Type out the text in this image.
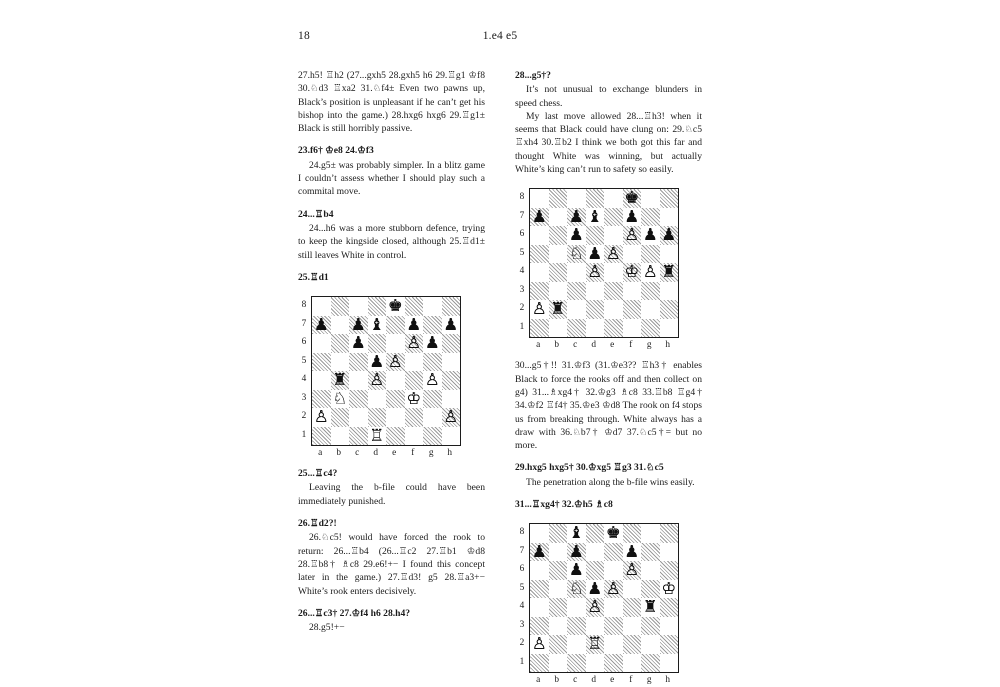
18	1.e4 e5

27.h5! ♖h2 (27...gxh5 28.gxh5 h6 29.♖g1 ♔f8 30.♘d3 ♖xa2 31.♘f4± Even two pawns up, Black’s position is unpleasant if he can’t get his bishop into the game.) 28.hxg6 hxg6 29.♖g1± Black is still horribly passive.

23.f6† ♔e8 24.♔f3

24.g5± was probably simpler. In a blitz game I couldn’t assess whether I should play such a commital move.

24...♖b4

24...h6 was a more stubborn defence, trying to keep the kingside closed, although 25.♖d1± still leaves White in control.

25.♖d1

8
7
6
5
4
3
2
1

				♚			

♟		♟	♝		♟		♟

		♟			♙	♟	

			♟	♙			

	♜		♙			♙	

	♘				♔		

♙							♙

			♖				

a	b	c	d	e	f	g	h

25...♖c4?

Leaving the b-file could have been immediately punished.

26.♖d2?!

26.♘c5! would have forced the rook to return: 26...♖b4 (26...♖c2 27.♖b1 ♔d8 28.♖b8† ♗c8 29.e6!+− I found this concept later in the game.) 27.♖d3! g5 28.♖a3+− White’s rook enters decisively.

26...♖c3† 27.♔f4 h6 28.h4?

28.g5!+−

28...g5†?

It’s not unusual to exchange blunders in speed chess.

My last move allowed 28...♖h3! when it seems that Black could have clung on: 29.♘c5 ♖xh4 30.♖b2 I think we both got this far and thought White was winning, but actually White’s king can’t run to safety so easily.

8
7
6
5
4
3
2
1

					♚		

♟		♟	♝		♟		

		♟			♙	♟	♟

		♘	♟	♙			

			♙		♔	♙	♜

♙	♜						

a	b	c	d	e	f	g	h

30...g5†!! 31.♔f3 (31.♔e3?? ♖h3† enables Black to force the rooks off and then collect on g4) 31...♗xg4† 32.♔g3 ♗c8 33.♖b8 ♖g4† 34.♔f2 ♖f4† 35.♔e3 ♔d8 The rook on f4 stops us from breaking through. White always has a draw with 36.♘b7† ♔d7 37.♘c5†= but no more.

29.hxg5 hxg5† 30.♔xg5 ♖g3 31.♘c5

The penetration along the b-file wins easily.

31...♖xg4† 32.♔h5 ♗c8

8
7
6
5
4
3
2
1

		♝		♚			

♟		♟			♟		

		♟			♙		

		♘	♟	♙			♔

			♙			♜	

♙			♖				

a	b	c	d	e	f	g	h
